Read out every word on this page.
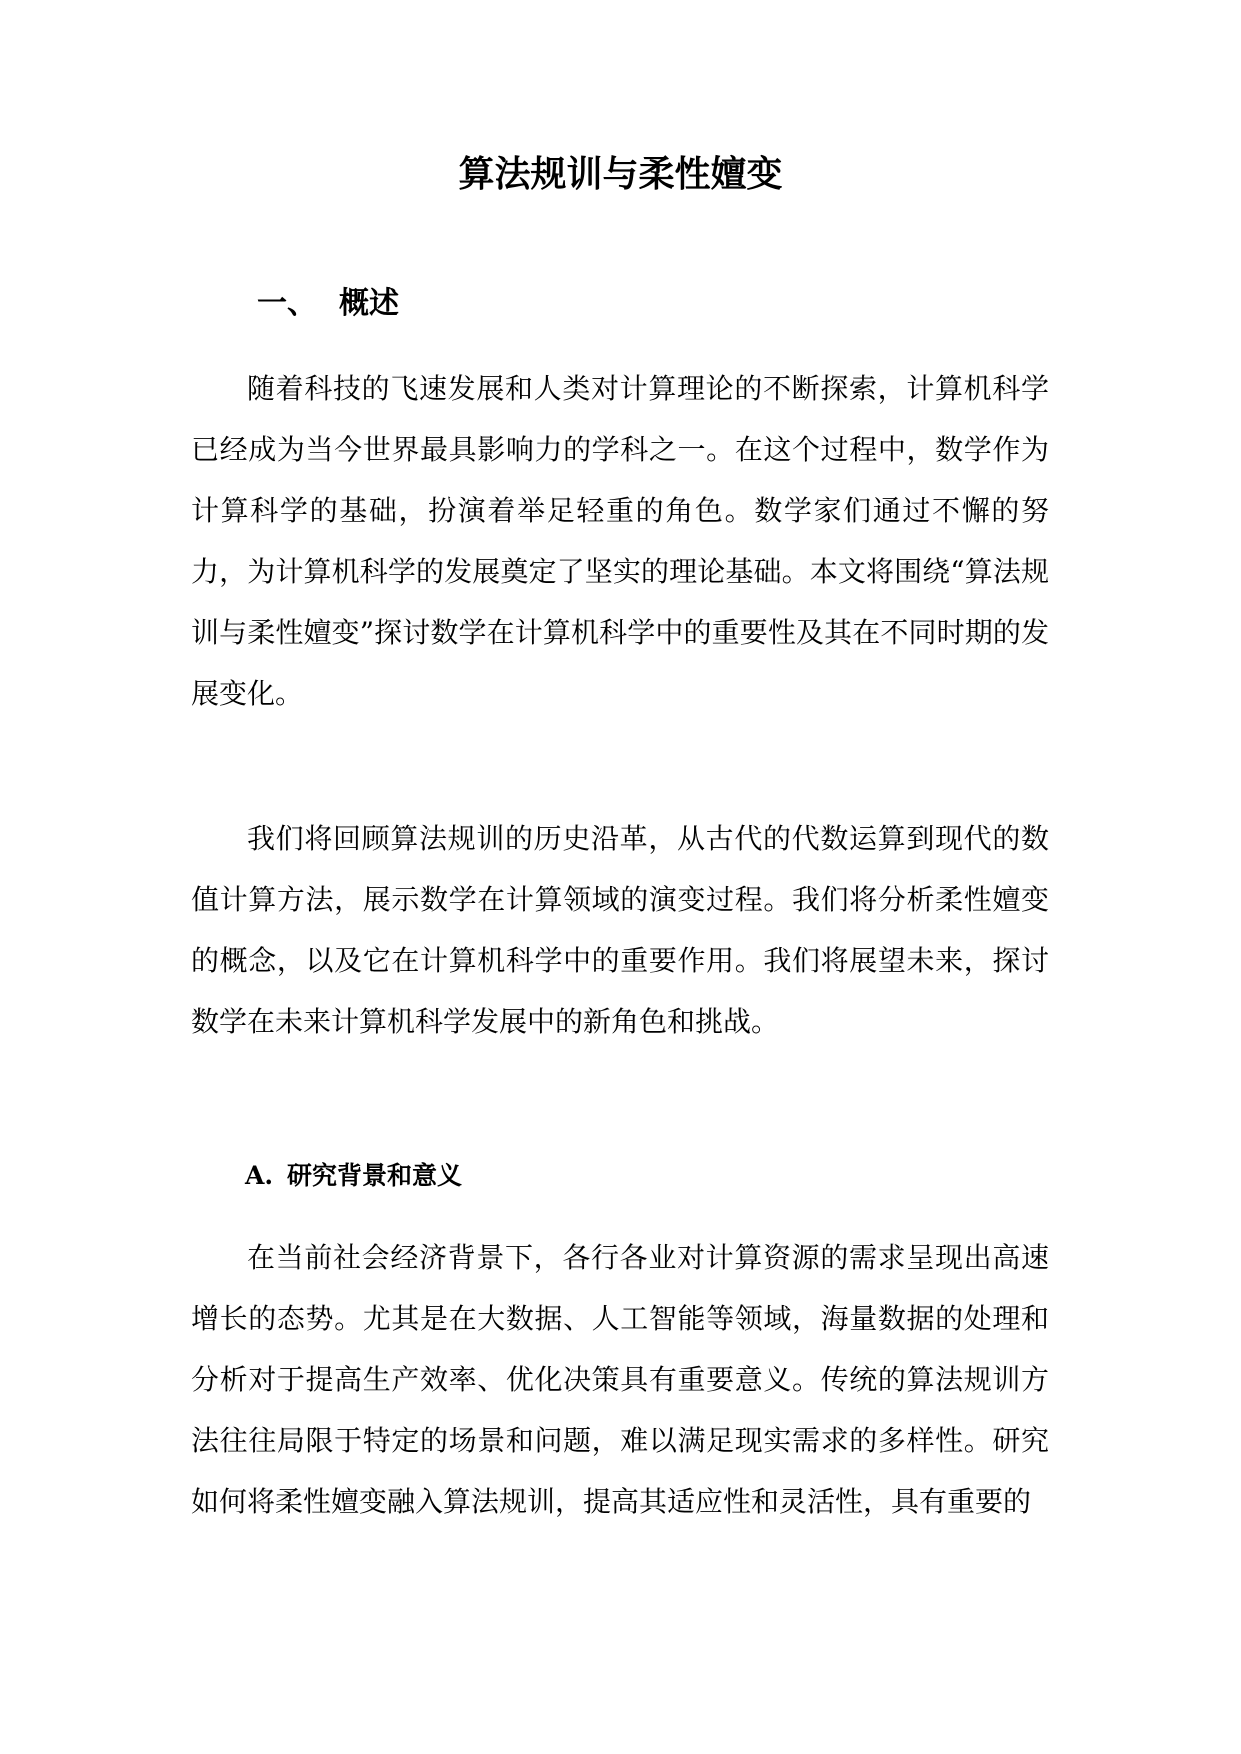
算法规训与柔性嬗变
一、 概述

随着科技的飞速发展和人类对计算理论的不断探索，计算机科学已经成为当今世界最具影响力的学科之一。在这个过程中，数学作为计算科学的基础，扮演着举足轻重的角色。数学家们通过不懈的努力，为计算机科学的发展奠定了坚实的理论基础。本文将围绕“算法规训与柔性嬗变”探讨数学在计算机科学中的重要性及其在不同时期的发展变化。

我们将回顾算法规训的历史沿革，从古代的代数运算到现代的数值计算方法，展示数学在计算领域的演变过程。我们将分析柔性嬗变的概念，以及它在计算机科学中的重要作用。我们将展望未来，探讨数学在未来计算机科学发展中的新角色和挑战。

A. 研究背景和意义

在当前社会经济背景下，各行各业对计算资源的需求呈现出高速增长的态势。尤其是在大数据、人工智能等领域，海量数据的处理和分析对于提高生产效率、优化决策具有重要意义。传统的算法规训方法往往局限于特定的场景和问题，难以满足现实需求的多样性。研究如何将柔性嬗变融入算法规训，提高其适应性和灵活性，具有重要的
